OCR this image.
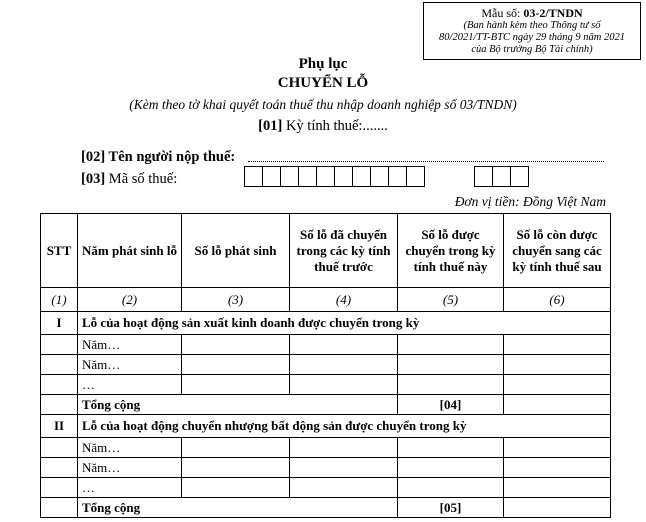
Mẫu số: 03-2/TNDN
(Ban hành kèm theo Thông tư số
80/2021/TT-BTC ngày 29 tháng 9 năm 2021
của Bộ trưởng Bộ Tài chính)
Phụ lục
CHUYỂN LỖ
(Kèm theo tờ khai quyết toán thuế thu nhập doanh nghiệp số 03/TNDN)
[01] Kỳ tính thuế:.......
[02] Tên người nộp thuế:
[03] Mã số thuế:
Đơn vị tiền: Đồng Việt Nam
STT	Năm phát sinh lỗ	Số lỗ phát sinh	Số lỗ đã chuyển trong các kỳ tính thuế trước	Số lỗ được chuyển trong kỳ tính thuế này	Số lỗ còn được chuyển sang các kỳ tính thuế sau
(1)	(2)	(3)	(4)	(5)	(6)
I	Lỗ của hoạt động sản xuất kinh doanh được chuyển trong kỳ				
	Năm…				
	Năm…				
	…				
	Tổng cộng			[04]	
II	Lỗ của hoạt động chuyển nhượng bất động sản được chuyển trong kỳ				
	Năm…				
	Năm…				
	…				
	Tổng cộng			[05]	
